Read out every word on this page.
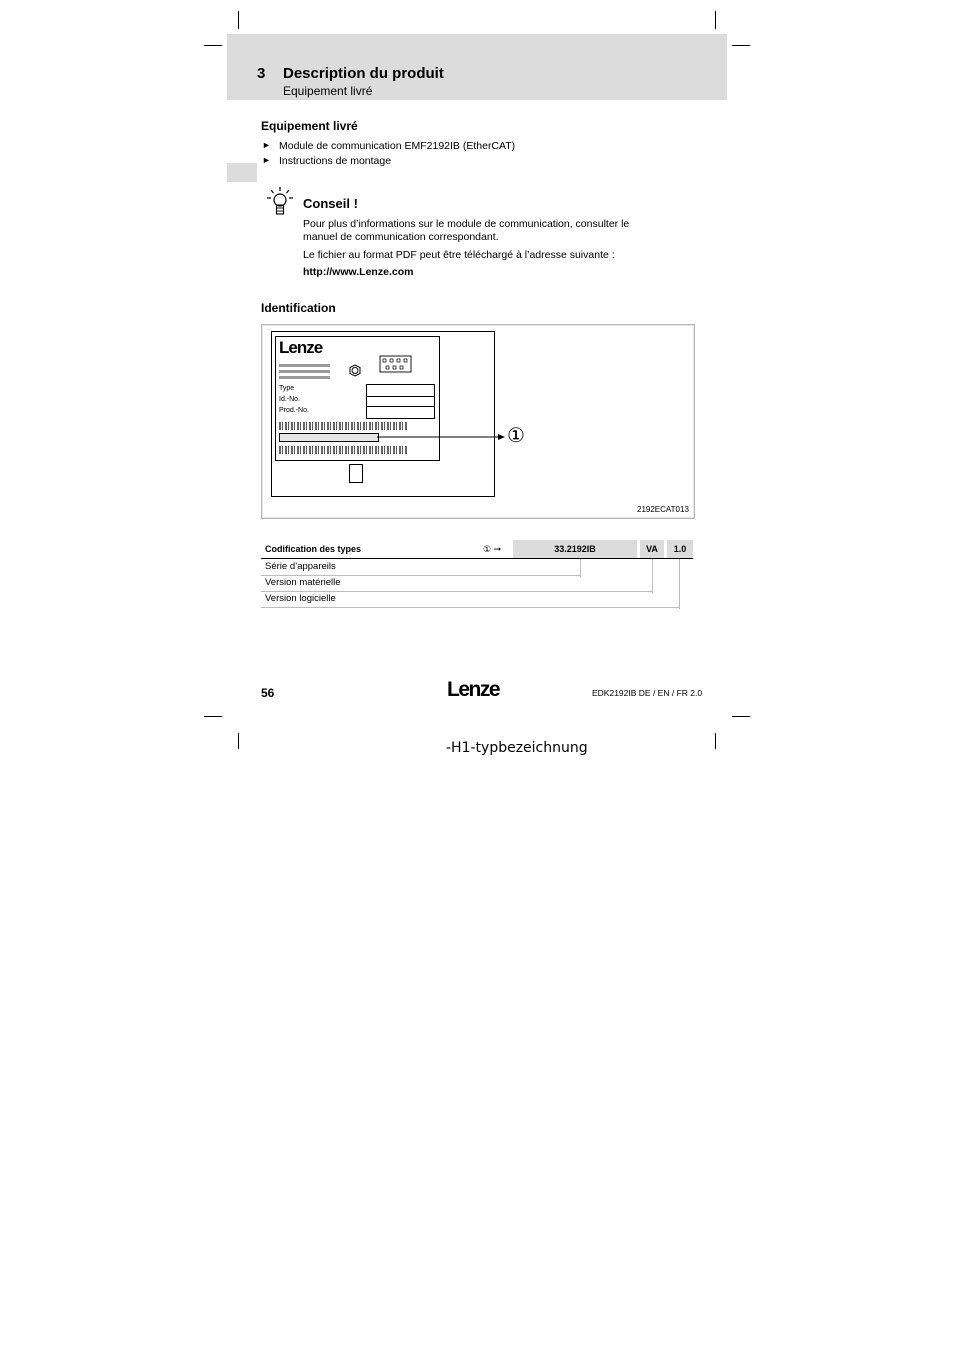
3 Description du produit
Equipement livré
Equipement livré
► Module de communication EMF2192IB (EtherCAT)
► Instructions de montage
Conseil !
Pour plus d’informations sur le module de communication, consulter le manuel de communication correspondant.
Le fichier au format PDF peut être téléchargé à l’adresse suivante :
http://www.Lenze.com
Identification
Lenze
Type
Id.-No.
Prod.-No.
①
2192ECAT013
Codification des types	① ➞	33.2192IB	VA	1.0
Série d’appareils
Version matérielle
Version logicielle
56	Lenze	EDK2192IB DE / EN / FR 2.0
-H1-typbezeichnung
